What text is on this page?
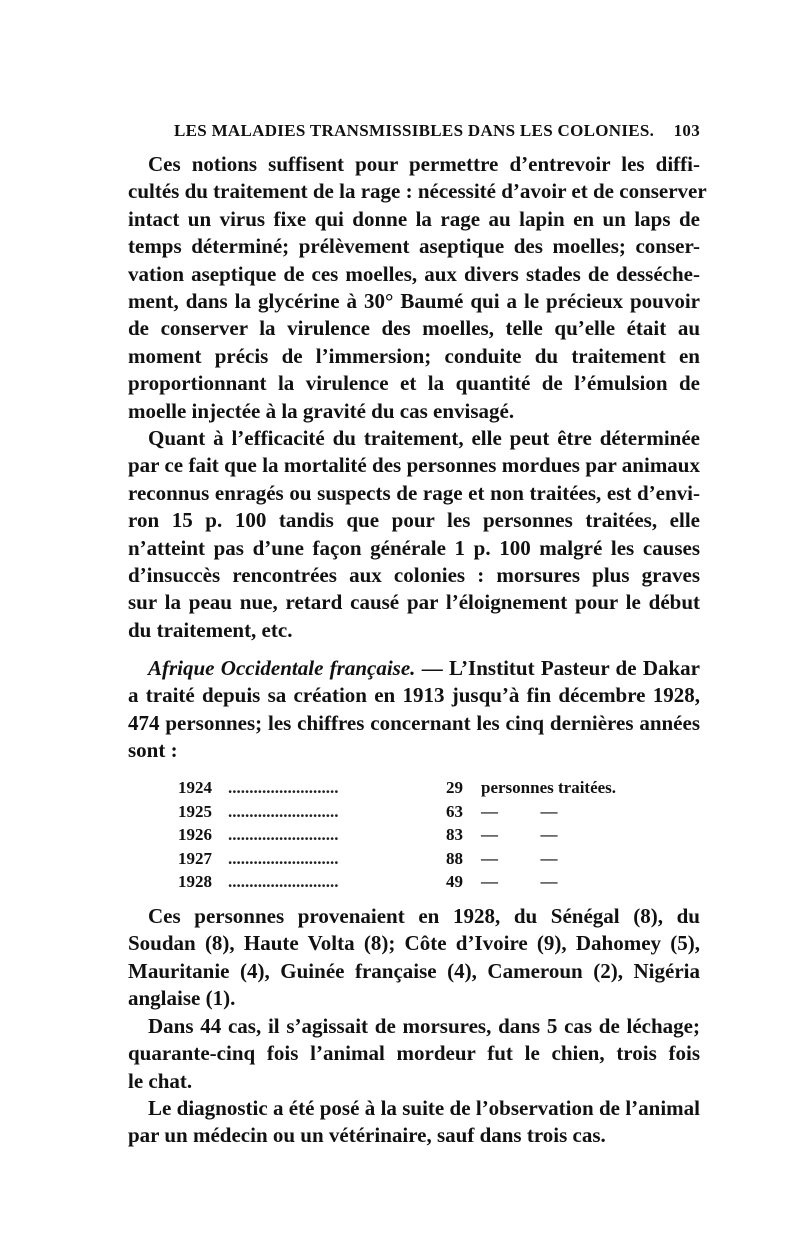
LES MALADIES TRANSMISSIBLES DANS LES COLONIES. 103
Ces notions suffisent pour permettre d’entrevoir les diffi-
cultés du traitement de la rage : nécessité d’avoir et de conserver
intact un virus fixe qui donne la rage au lapin en un laps de
temps déterminé; prélèvement aseptique des moelles; conser-
vation aseptique de ces moelles, aux divers stades de desséche-
ment, dans la glycérine à 30° Baumé qui a le précieux pouvoir
de conserver la virulence des moelles, telle qu’elle était au
moment précis de l’immersion; conduite du traitement en
proportionnant la virulence et la quantité de l’émulsion de
moelle injectée à la gravité du cas envisagé.
Quant à l’efficacité du traitement, elle peut être déterminée
par ce fait que la mortalité des personnes mordues par animaux
reconnus enragés ou suspects de rage et non traitées, est d’envi-
ron 15 p. 100 tandis que pour les personnes traitées, elle
n’atteint pas d’une façon générale 1 p. 100 malgré les causes
d’insuccès rencontrées aux colonies : morsures plus graves
sur la peau nue, retard causé par l’éloignement pour le début
du traitement, etc.
Afrique Occidentale française. — L’Institut Pasteur de Dakar
a traité depuis sa création en 1913 jusqu’à fin décembre 1928,
474 personnes; les chiffres concernant les cinq dernières années
sont :
1924 ..........................	29	personnes traitées.
1925 ..........................	63	—          —
1926 ..........................	83	—          —
1927 ..........................	88	—          —
1928 ..........................	49	—          —
Ces personnes provenaient en 1928, du Sénégal (8), du
Soudan (8), Haute Volta (8); Côte d’Ivoire (9), Dahomey (5),
Mauritanie (4), Guinée française (4), Cameroun (2), Nigéria
anglaise (1).
Dans 44 cas, il s’agissait de morsures, dans 5 cas de léchage;
quarante-cinq fois l’animal mordeur fut le chien, trois fois
le chat.
Le diagnostic a été posé à la suite de l’observation de l’animal
par un médecin ou un vétérinaire, sauf dans trois cas.
